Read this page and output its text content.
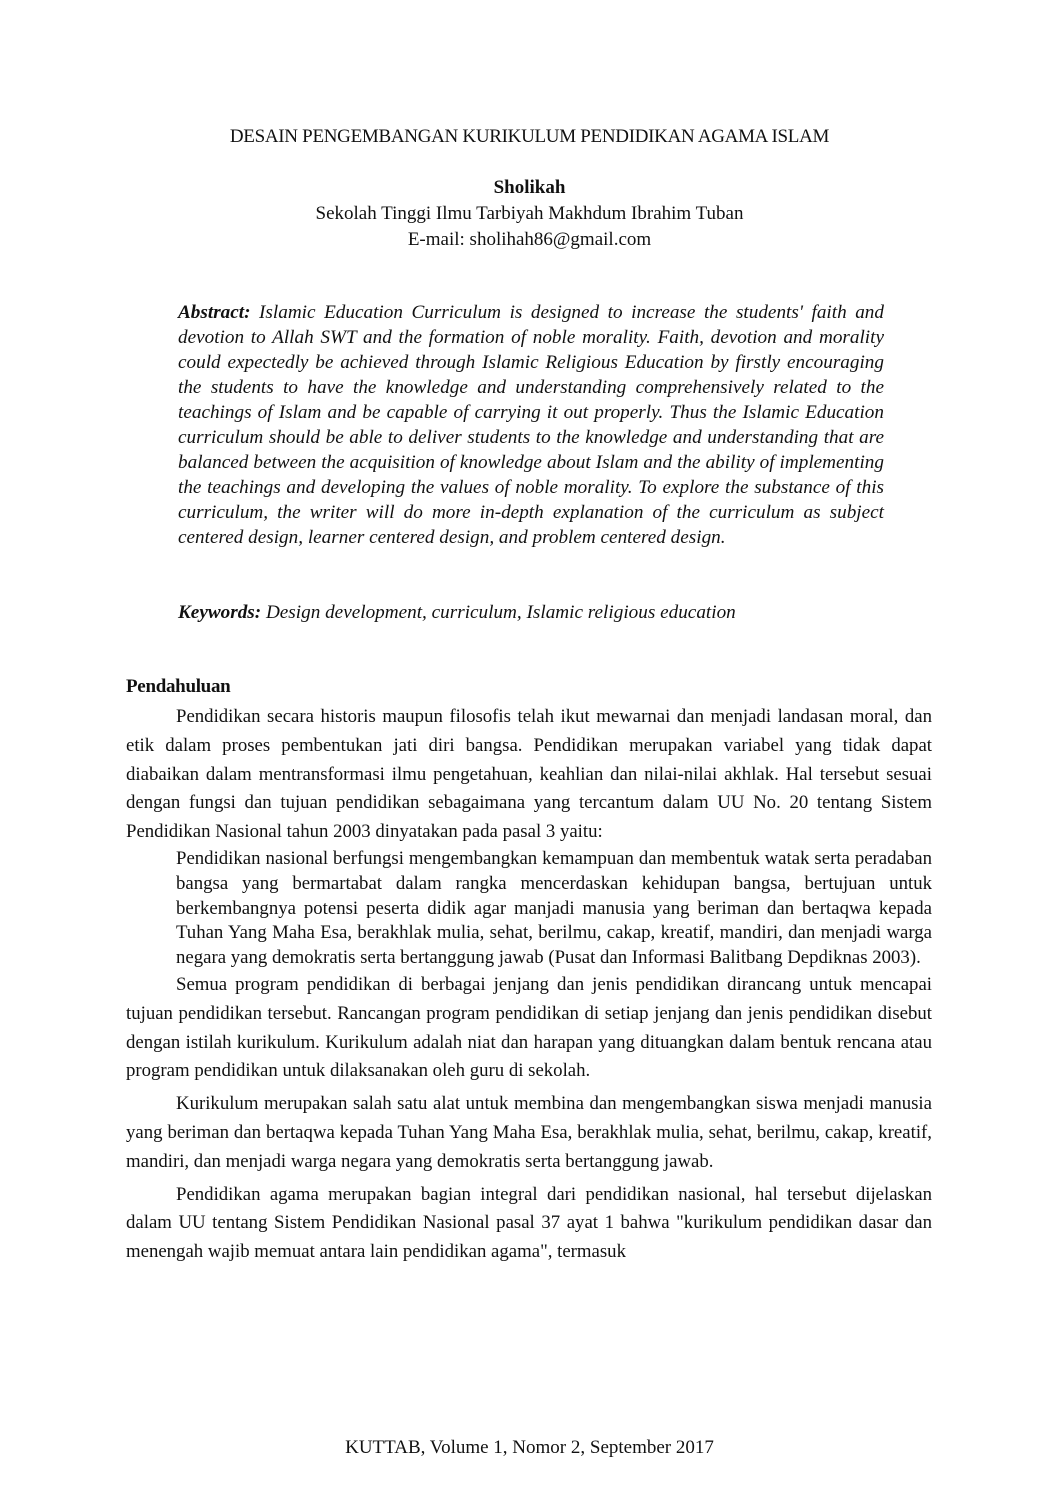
DESAIN PENGEMBANGAN KURIKULUM PENDIDIKAN AGAMA ISLAM
Sholikah
Sekolah Tinggi Ilmu Tarbiyah Makhdum Ibrahim Tuban
E-mail: sholihah86@gmail.com
Abstract: Islamic Education Curriculum is designed to increase the students' faith and devotion to Allah SWT and the formation of noble morality. Faith, devotion and morality could expectedly be achieved through Islamic Religious Education by firstly encouraging the students to have the knowledge and understanding comprehensively related to the teachings of Islam and be capable of carrying it out properly. Thus the Islamic Education curriculum should be able to deliver students to the knowledge and understanding that are balanced between the acquisition of knowledge about Islam and the ability of implementing the teachings and developing the values of noble morality. To explore the substance of this curriculum, the writer will do more in-depth explanation of the curriculum as subject centered design, learner centered design, and problem centered design.
Keywords: Design development, curriculum, Islamic religious education
Pendahuluan

Pendidikan secara historis maupun filosofis telah ikut mewarnai dan menjadi landasan moral, dan etik dalam proses pembentukan jati diri bangsa. Pendidikan merupakan variabel yang tidak dapat diabaikan dalam mentransformasi ilmu pengetahuan, keahlian dan nilai-nilai akhlak. Hal tersebut sesuai dengan fungsi dan tujuan pendidikan sebagaimana yang tercantum dalam UU No. 20 tentang Sistem Pendidikan Nasional tahun 2003 dinyatakan pada pasal 3 yaitu:

Pendidikan nasional berfungsi mengembangkan kemampuan dan membentuk watak serta peradaban bangsa yang bermartabat dalam rangka mencerdaskan kehidupan bangsa, bertujuan untuk berkembangnya potensi peserta didik agar manjadi manusia yang beriman dan bertaqwa kepada Tuhan Yang Maha Esa, berakhlak mulia, sehat, berilmu, cakap, kreatif, mandiri, dan menjadi warga negara yang demokratis serta bertanggung jawab (Pusat dan Informasi Balitbang Depdiknas 2003).

Semua program pendidikan di berbagai jenjang dan jenis pendidikan dirancang untuk mencapai tujuan pendidikan tersebut. Rancangan program pendidikan di setiap jenjang dan jenis pendidikan disebut dengan istilah kurikulum. Kurikulum adalah niat dan harapan yang dituangkan dalam bentuk rencana atau program pendidikan untuk dilaksanakan oleh guru di sekolah.

Kurikulum merupakan salah satu alat untuk membina dan mengembangkan siswa menjadi manusia yang beriman dan bertaqwa kepada Tuhan Yang Maha Esa, berakhlak mulia, sehat, berilmu, cakap, kreatif, mandiri, dan menjadi warga negara yang demokratis serta bertanggung jawab.

Pendidikan agama merupakan bagian integral dari pendidikan nasional, hal tersebut dijelaskan dalam UU tentang Sistem Pendidikan Nasional pasal 37 ayat 1 bahwa "kurikulum pendidikan dasar dan menengah wajib memuat antara lain pendidikan agama", termasuk

KUTTAB, Volume 1, Nomor 2, September 2017
